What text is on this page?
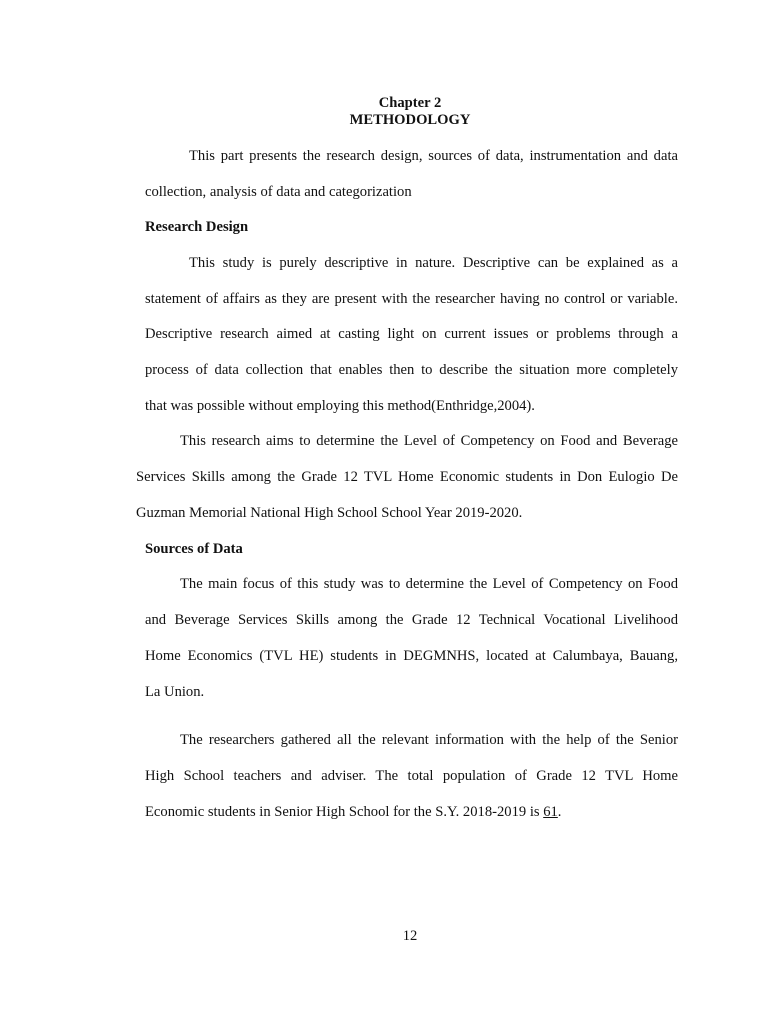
Chapter 2
METHODOLOGY
This part presents the research design, sources of data, instrumentation and data
collection, analysis of data and categorization
Research Design
This study is purely descriptive in nature. Descriptive can be explained as a
statement of affairs as they are present with the researcher having no control or variable.
Descriptive research aimed at casting light on current issues or problems through a
process of data collection that enables then to describe the situation more completely
that was possible without employing this method(Enthridge,2004).
This research aims to determine the Level of Competency on Food and Beverage
Services Skills among the Grade 12 TVL Home Economic students in Don Eulogio De
Guzman Memorial National High School School Year 2019-2020.
Sources of Data
The main focus of this study was to determine the Level of Competency on Food
and Beverage Services Skills among the Grade 12 Technical Vocational Livelihood
Home Economics (TVL HE) students in DEGMNHS, located at Calumbaya, Bauang,
La Union.
The researchers gathered all the relevant information with the help of the Senior
High School teachers and adviser. The total population of Grade 12 TVL Home
Economic students in Senior High School for the S.Y. 2018-2019 is 61.
12
